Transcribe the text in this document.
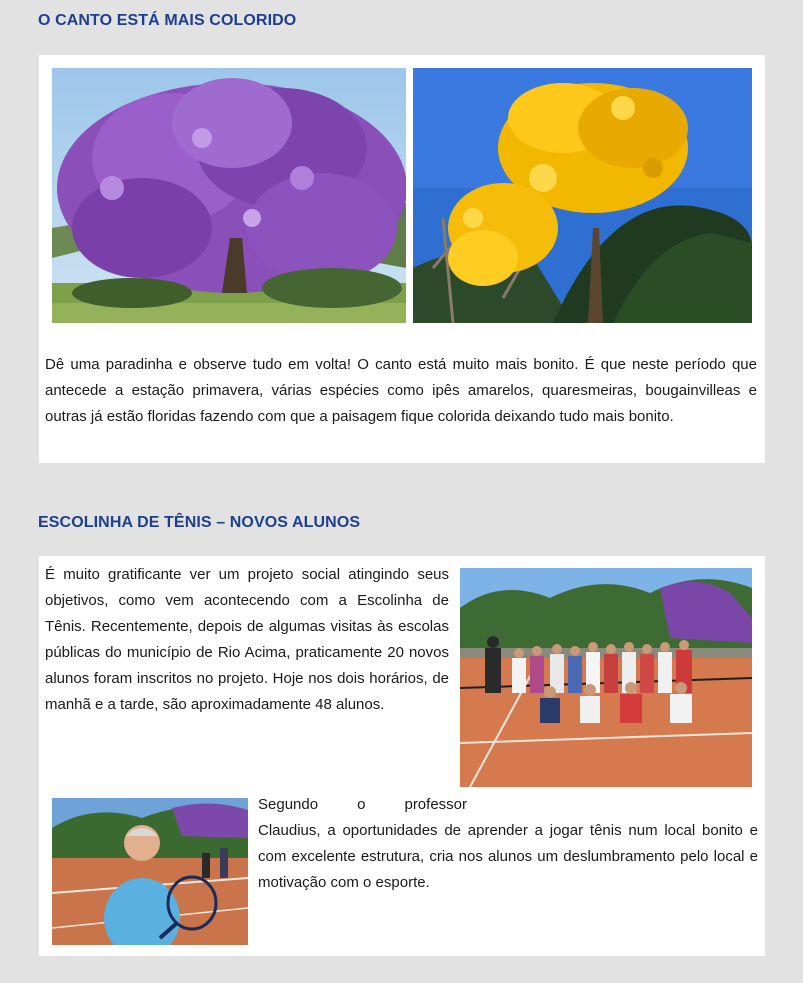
O CANTO ESTÁ MAIS COLORIDO

Dê uma paradinha e observe tudo em volta! O canto está muito mais bonito. É que neste período que antecede a estação primavera, várias espécies como ipês amarelos, quaresmeiras, bougainvilleas e outras já estão floridas fazendo com que a paisagem fique colorida deixando tudo mais bonito.

ESCOLINHA DE TÊNIS – NOVOS ALUNOS

É muito gratificante ver um projeto social atingindo seus objetivos, como vem acontecendo com a Escolinha de Tênis. Recentemente, depois de algumas visitas às escolas públicas do município de Rio Acima, praticamente 20 novos alunos foram inscritos no projeto. Hoje nos dois horários, de manhã e a tarde, são aproximadamente 48 alunos.

Segundo o professor
Claudius, a oportunidades de aprender a jogar tênis num local bonito e com excelente estrutura, cria nos alunos um deslumbramento pelo local e motivação com o esporte.
